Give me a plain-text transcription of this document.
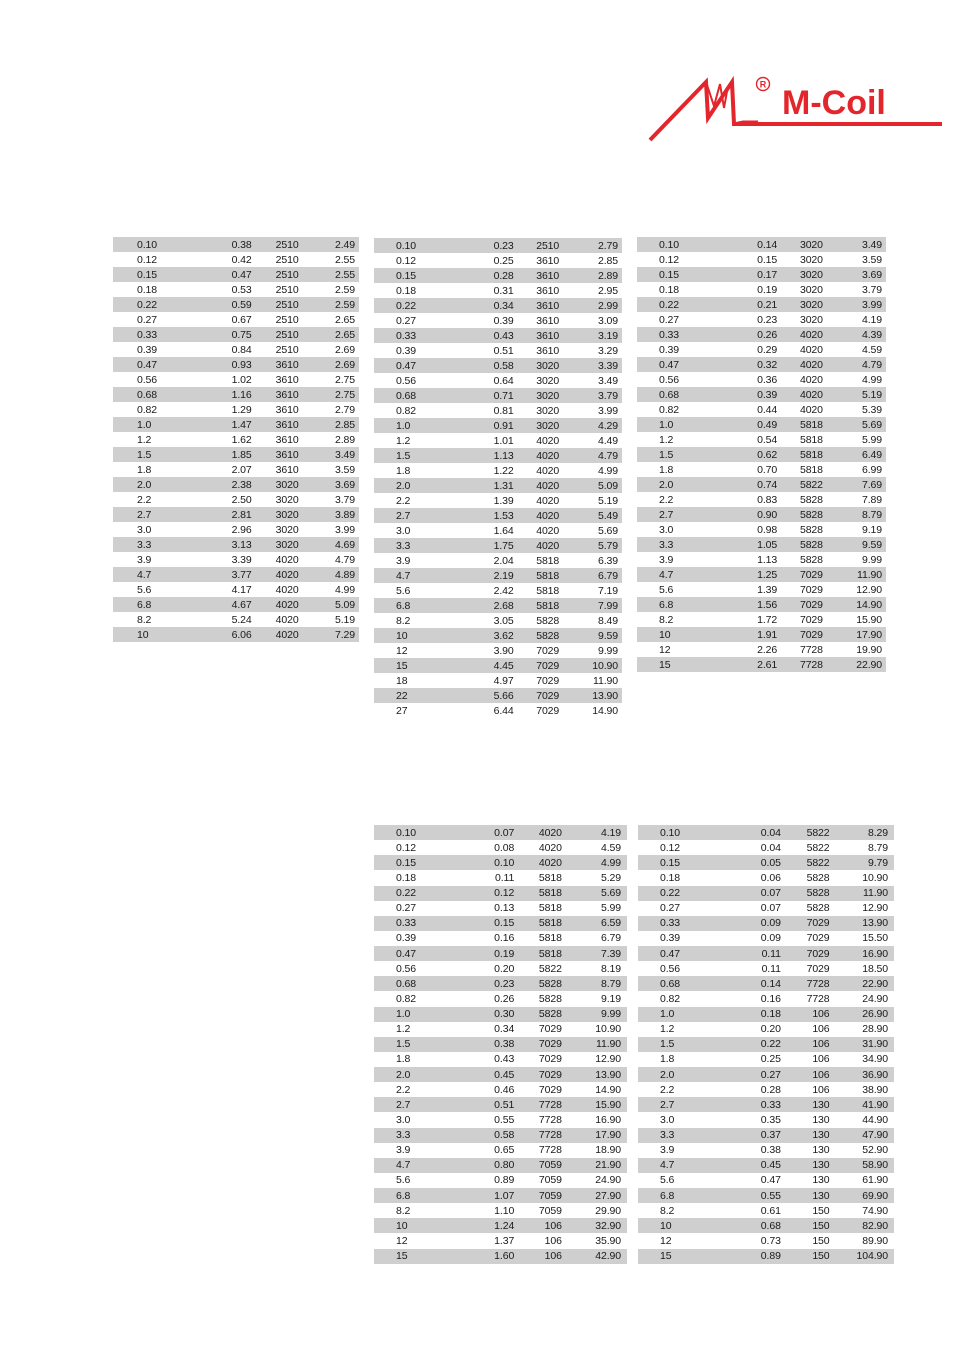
R M-Coil
0.10	0.38	2510	2.49
0.12	0.42	2510	2.55
0.15	0.47	2510	2.55
0.18	0.53	2510	2.59
0.22	0.59	2510	2.59
0.27	0.67	2510	2.65
0.33	0.75	2510	2.65
0.39	0.84	2510	2.69
0.47	0.93	3610	2.69
0.56	1.02	3610	2.75
0.68	1.16	3610	2.75
0.82	1.29	3610	2.79
1.0	1.47	3610	2.85
1.2	1.62	3610	2.89
1.5	1.85	3610	3.49
1.8	2.07	3610	3.59
2.0	2.38	3020	3.69
2.2	2.50	3020	3.79
2.7	2.81	3020	3.89
3.0	2.96	3020	3.99
3.3	3.13	3020	4.69
3.9	3.39	4020	4.79
4.7	3.77	4020	4.89
5.6	4.17	4020	4.99
6.8	4.67	4020	5.09
8.2	5.24	4020	5.19
10	6.06	4020	7.29
0.10	0.23	2510	2.79
0.12	0.25	3610	2.85
0.15	0.28	3610	2.89
0.18	0.31	3610	2.95
0.22	0.34	3610	2.99
0.27	0.39	3610	3.09
0.33	0.43	3610	3.19
0.39	0.51	3610	3.29
0.47	0.58	3020	3.39
0.56	0.64	3020	3.49
0.68	0.71	3020	3.79
0.82	0.81	3020	3.99
1.0	0.91	3020	4.29
1.2	1.01	4020	4.49
1.5	1.13	4020	4.79
1.8	1.22	4020	4.99
2.0	1.31	4020	5.09
2.2	1.39	4020	5.19
2.7	1.53	4020	5.49
3.0	1.64	4020	5.69
3.3	1.75	4020	5.79
3.9	2.04	5818	6.39
4.7	2.19	5818	6.79
5.6	2.42	5818	7.19
6.8	2.68	5818	7.99
8.2	3.05	5828	8.49
10	3.62	5828	9.59
12	3.90	7029	9.99
15	4.45	7029	10.90
18	4.97	7029	11.90
22	5.66	7029	13.90
27	6.44	7029	14.90
0.10	0.14	3020	3.49
0.12	0.15	3020	3.59
0.15	0.17	3020	3.69
0.18	0.19	3020	3.79
0.22	0.21	3020	3.99
0.27	0.23	3020	4.19
0.33	0.26	4020	4.39
0.39	0.29	4020	4.59
0.47	0.32	4020	4.79
0.56	0.36	4020	4.99
0.68	0.39	4020	5.19
0.82	0.44	4020	5.39
1.0	0.49	5818	5.69
1.2	0.54	5818	5.99
1.5	0.62	5818	6.49
1.8	0.70	5818	6.99
2.0	0.74	5822	7.69
2.2	0.83	5828	7.89
2.7	0.90	5828	8.79
3.0	0.98	5828	9.19
3.3	1.05	5828	9.59
3.9	1.13	5828	9.99
4.7	1.25	7029	11.90
5.6	1.39	7029	12.90
6.8	1.56	7029	14.90
8.2	1.72	7029	15.90
10	1.91	7029	17.90
12	2.26	7728	19.90
15	2.61	7728	22.90
0.10	0.07	4020	4.19
0.12	0.08	4020	4.59
0.15	0.10	4020	4.99
0.18	0.11	5818	5.29
0.22	0.12	5818	5.69
0.27	0.13	5818	5.99
0.33	0.15	5818	6.59
0.39	0.16	5818	6.79
0.47	0.19	5818	7.39
0.56	0.20	5822	8.19
0.68	0.23	5828	8.79
0.82	0.26	5828	9.19
1.0	0.30	5828	9.99
1.2	0.34	7029	10.90
1.5	0.38	7029	11.90
1.8	0.43	7029	12.90
2.0	0.45	7029	13.90
2.2	0.46	7029	14.90
2.7	0.51	7728	15.90
3.0	0.55	7728	16.90
3.3	0.58	7728	17.90
3.9	0.65	7728	18.90
4.7	0.80	7059	21.90
5.6	0.89	7059	24.90
6.8	1.07	7059	27.90
8.2	1.10	7059	29.90
10	1.24	106	32.90
12	1.37	106	35.90
15	1.60	106	42.90
0.10	0.04	5822	8.29
0.12	0.04	5822	8.79
0.15	0.05	5822	9.79
0.18	0.06	5828	10.90
0.22	0.07	5828	11.90
0.27	0.07	5828	12.90
0.33	0.09	7029	13.90
0.39	0.09	7029	15.50
0.47	0.11	7029	16.90
0.56	0.11	7029	18.50
0.68	0.14	7728	22.90
0.82	0.16	7728	24.90
1.0	0.18	106	26.90
1.2	0.20	106	28.90
1.5	0.22	106	31.90
1.8	0.25	106	34.90
2.0	0.27	106	36.90
2.2	0.28	106	38.90
2.7	0.33	130	41.90
3.0	0.35	130	44.90
3.3	0.37	130	47.90
3.9	0.38	130	52.90
4.7	0.45	130	58.90
5.6	0.47	130	61.90
6.8	0.55	130	69.90
8.2	0.61	150	74.90
10	0.68	150	82.90
12	0.73	150	89.90
15	0.89	150	104.90
